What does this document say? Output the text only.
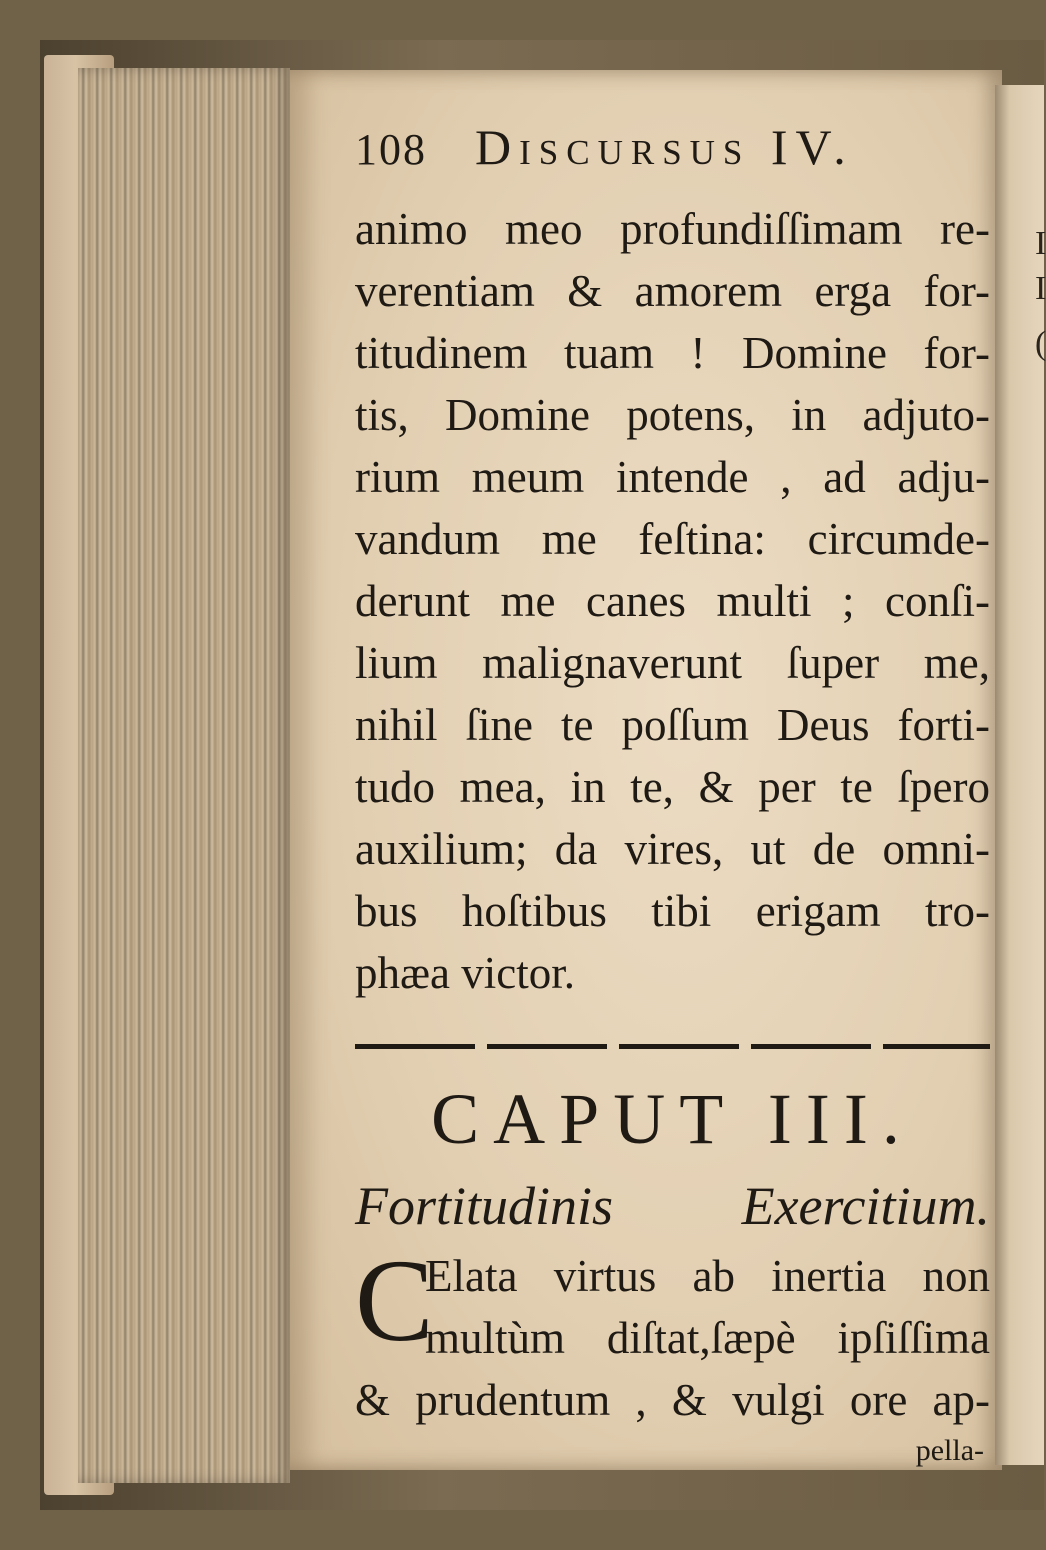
I
I
(
108 Discursus IV.
animo meo profundiſſimam re-
verentiam & amorem erga for-
titudinem tuam ! Domine for-
tis, Domine potens, in adjuto-
rium meum intende , ad adju-
vandum me feſtina: circumde-
derunt me canes multi ; conſi-
lium malignaverunt ſuper me,
nihil ſine te poſſum Deus forti-
tudo mea, in te, & per te ſpero
auxilium; da vires, ut de omni-
bus hoſtibus tibi erigam tro-
phæa victor.
CAPUT III.
Fortitudinis Exercitium.
C
Elata virtus ab inertia non
multùm diſtat,ſæpè ipſiſſima
& prudentum , & vulgi ore ap-
pella-
